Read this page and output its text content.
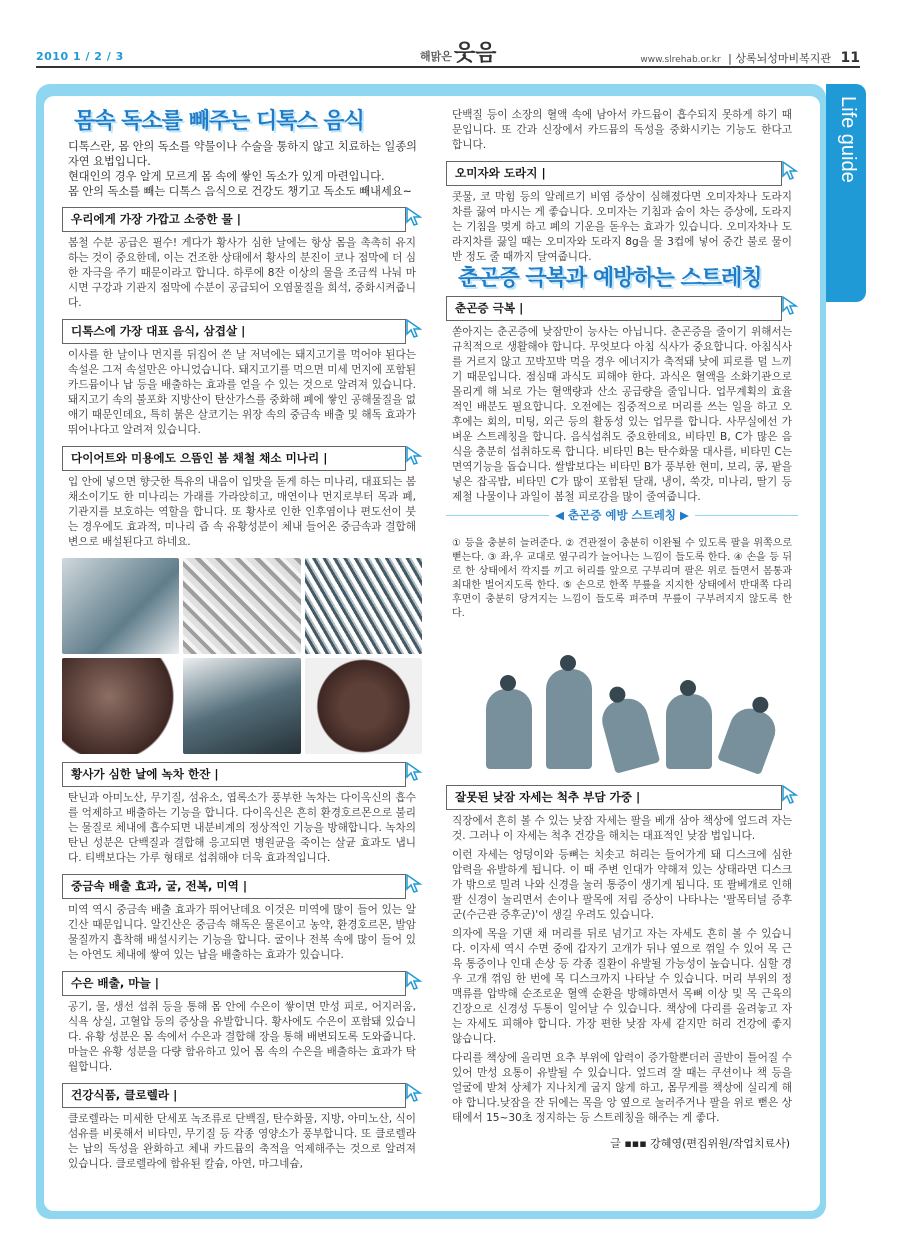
2010 1 / 2 / 3	해맑은웃음	www.slrehab.or.kr | 상록뇌성마비복지관 11
Life guide
몸속 독소를 빼주는 디톡스 음식
디톡스란, 몸 안의 독소를 약물이나 수술을 통하지 않고 치료하는 일종의 자연 요법입니다.
현대인의 경우 알게 모르게 몸 속에 쌓인 독소가 있게 마련입니다.
몸 안의 독소를 빼는 디톡스 음식으로 건강도 챙기고 독소도 빼내세요~
우리에게 가장 가깝고 소중한 물 |
봄철 수분 공급은 필수! 게다가 황사가 심한 날에는 항상 몸을 촉촉히 유지하는 것이 중요한데, 이는 건조한 상태에서 황사의 분진이 코나 점막에 더 심한 자극을 주기 때문이라고 합니다. 하루에 8잔 이상의 물을 조금씩 나눠 마시면 구강과 기관지 점막에 수분이 공급되어 오염물질을 희석, 중화시켜줍니다.
디톡스에 가장 대표 음식, 삼겹살 |
이사를 한 날이나 먼지를 뒤집어 쓴 날 저녁에는 돼지고기를 먹어야 된다는 속설은 그저 속설만은 아니었습니다. 돼지고기를 먹으면 미세 먼지에 포함된 카드뮴이나 납 등을 배출하는 효과를 얻을 수 있는 것으로 알려져 있습니다. 돼지고기 속의 불포화 지방산이 탄산가스를 중화해 폐에 쌓인 공해물질을 없애기 때문인데요, 특히 붉은 살코기는 위장 속의 중금속 배출 및 해독 효과가 뛰어나다고 알려져 있습니다.
다이어트와 미용에도 으뜸인 봄 채철 채소 미나리 |
입 안에 넣으면 향긋한 특유의 내음이 입맛을 돋게 하는 미나리, 대표되는 봄 채소이기도 한 미나리는 가래를 가라앉히고, 매연이나 먼지로부터 목과 폐, 기관지를 보호하는 역할을 합니다. 또 황사로 인한 인후염이나 편도선이 붓는 경우에도 효과적, 미나리 즙 속 유황성분이 체내 들어온 중금속과 결합해 변으로 배설된다고 하네요.
황사가 심한 날에 녹차 한잔 |
탄닌과 아미노산, 무기질, 섬유소, 엽록소가 풍부한 녹차는 다이옥신의 흡수를 억제하고 배출하는 기능을 합니다. 다이옥신은 흔히 환경호르몬으로 불리는 물질로 체내에 흡수되면 내분비계의 정상적인 기능을 방해합니다. 녹차의 탄닌 성분은 단백질과 결합해 응고되면 병원균을 죽이는 살균 효과도 냅니다. 티백보다는 가루 형태로 섭취해야 더욱 효과적입니다.
중금속 배출 효과, 굴, 전복, 미역 |
미역 역시 중금속 배출 효과가 뛰어난데요 이것은 미역에 많이 들어 있는 알긴산 때문입니다. 알긴산은 중금속 해독은 물론이고 농약, 환경호르몬, 발암물질까지 흡착해 배설시키는 기능을 합니다. 굴이나 전복 속에 많이 들어 있는 아연도 체내에 쌓여 있는 납을 배출하는 효과가 있습니다.
수은 배출, 마늘 |
공기, 물, 생선 섭취 등을 통해 몸 안에 수은이 쌓이면 만성 피로, 어지러움, 식욕 상실, 고혈압 등의 증상을 유발합니다. 황사에도 수은이 포함돼 있습니다. 유황 성분은 몸 속에서 수은과 결합해 장을 통해 배변되도록 도와줍니다. 마늘은 유황 성분을 다량 함유하고 있어 몸 속의 수은을 배출하는 효과가 탁월합니다.
건강식품, 클로렐라 |
클로렐라는 미세한 단세포 녹조류로 단백질, 탄수화물, 지방, 아미노산, 식이섬유를 비롯해서 비타민, 무기질 등 각종 영양소가 풍부합니다. 또 클로렐라는 납의 독성을 완화하고 체내 카드뮴의 축적을 억제해주는 것으로 알려져 있습니다. 클로렐라에 함유된 칼슘, 아연, 마그네슘,
단백질 등이 소장의 혈액 속에 남아서 카드뮴이 흡수되지 못하게 하기 때문입니다. 또 간과 신장에서 카드뮴의 독성을 중화시키는 기능도 한다고 합니다.
오미자와 도라지 |
콧물, 코 막힘 등의 알레르기 비염 증상이 심해졌다면 오미자차나 도라지차를 끓여 마시는 게 좋습니다. 오미자는 기침과 숨이 차는 증상에, 도라지는 기침을 멎게 하고 폐의 기운을 돋우는 효과가 있습니다. 오미자차나 도라지차를 끓일 때는 오미자와 도라지 8g을 물 3컵에 넣어 중간 불로 물이 반 정도 줄 때까지 달여줍니다.
춘곤증 극복과 예방하는 스트레칭
춘곤증 극복 |
쏟아지는 춘곤증에 낮잠만이 능사는 아닙니다. 춘곤증을 줄이기 위해서는 규칙적으로 생활해야 합니다. 무엇보다 아침 식사가 중요합니다. 아침식사를 거르지 않고 꼬박꼬박 먹을 경우 에너지가 축적돼 낮에 피로를 덜 느끼기 때문입니다. 점심때 과식도 피해야 한다. 과식은 혈액을 소화기관으로 몰리게 해 뇌로 가는 혈액량과 산소 공급량을 줄입니다. 업무계획의 효율적인 배분도 필요합니다. 오전에는 집중적으로 머리를 쓰는 일을 하고 오후에는 회의, 미팅, 외근 등의 활동성 있는 업무를 합니다. 사무실에선 가벼운 스트레칭을 합니다. 음식섭취도 중요한데요, 비타민 B, C가 많은 음식을 충분히 섭취하도록 합니다. 비타민 B는 탄수화물 대사를, 비타민 C는 면역기능을 돕습니다. 쌀밥보다는 비타민 B가 풍부한 현미, 보리, 콩, 팥을 넣은 잡곡밥, 비타민 C가 많이 포함된 달래, 냉이, 쑥갓, 미나리, 딸기 등 제철 나물이나 과일이 봄철 피로감을 많이 줄여줍니다.
◀ 춘곤증 예방 스트레칭 ▶
① 등을 충분히 늘려준다. ② 견관절이 충분히 이완될 수 있도록 팔을 위쪽으로 뻗는다. ③ 좌,우 교대로 옆구리가 늘어나는 느낌이 들도록 한다. ④ 손을 등 뒤로 한 상태에서 깍지를 끼고 허리를 앞으로 구부리며 팔은 위로 들면서 몸통과 최대한 벌어지도록 한다. ⑤ 손으로 한쪽 무릎을 지지한 상태에서 반대쪽 다리 후면이 충분히 당겨지는 느낌이 들도록 펴주며 무릎이 구부려지지 않도록 한다.
잘못된 낮잠 자세는 척추 부담 가중 |
직장에서 흔히 볼 수 있는 낮잠 자세는 팔을 베개 삼아 책상에 엎드려 자는 것. 그러나 이 자세는 척추 건강을 해치는 대표적인 낮잠 법입니다.
이런 자세는 엉덩이와 등뼈는 치솟고 허리는 들어가게 돼 디스크에 심한 압력을 유발하게 됩니다. 이 때 주변 인대가 약해져 있는 상태라면 디스크가 밖으로 밀려 나와 신경을 눌러 통증이 생기게 됩니다. 또 팔베개로 인해 팔 신경이 눌리면서 손이나 팔목에 저림 증상이 나타나는 '팔목터널 증후군(수근관 증후군)'이 생길 우려도 있습니다.
의자에 목을 기댄 채 머리를 뒤로 넘기고 자는 자세도 흔히 볼 수 있습니다. 이자세 역시 수면 중에 갑자기 고개가 뒤나 옆으로 꺾일 수 있어 목 근육 통증이나 인대 손상 등 각종 질환이 유발될 가능성이 높습니다. 심할 경우 고개 꺾임 한 번에 목 디스크까지 나타날 수 있습니다. 머리 부위의 정맥류를 압박해 순조로운 혈액 순환을 방해하면서 목뼈 이상 및 목 근육의 긴장으로 신경성 두통이 일어날 수 있습니다. 책상에 다리를 올려놓고 자는 자세도 피해야 합니다. 가장 편한 낮잠 자세 같지만 허리 건강에 좋지 않습니다.
다리를 책상에 올리면 요추 부위에 압력이 증가할뿐더러 골반이 틀어질 수 있어 만성 요통이 유발될 수 있습니다. 엎드려 잘 때는 쿠션이나 책 등을 얼굴에 받쳐 상체가 지나치게 굽지 않게 하고, 몸무게를 책상에 실리게 해야 합니다.낮잠을 잔 뒤에는 목을 앙 옆으로 눌러주거나 팔을 위로 뻗은 상태에서 15~30초 정지하는 등 스트레칭을 해주는 게 좋다.
글 ▪▪▪ 강혜영(편집위원/작업치료사)
